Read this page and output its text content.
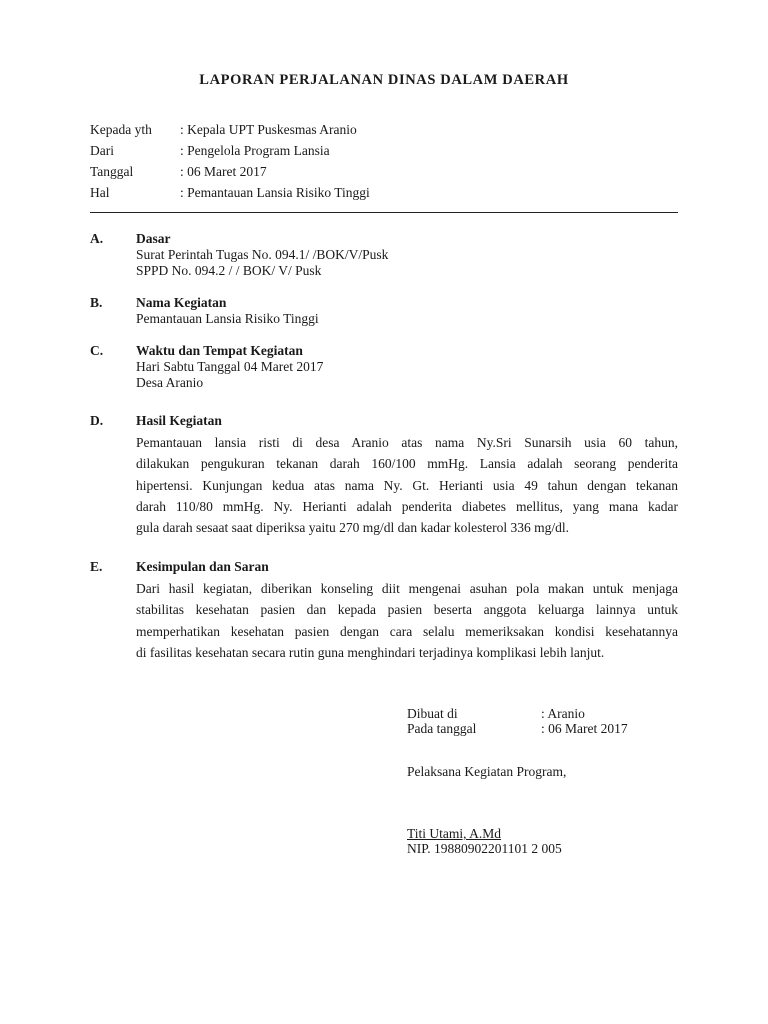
LAPORAN PERJALANAN DINAS DALAM DAERAH
Kepada yth : Kepala UPT Puskesmas Aranio
Dari	: Pengelola Program Lansia
Tanggal	: 06 Maret 2017
Hal	: Pemantauan Lansia Risiko Tinggi
A. Dasar
Surat Perintah Tugas No. 094.1/ /BOK/V/Pusk
SPPD No. 094.2 / / BOK/ V/ Pusk
B. Nama Kegiatan
Pemantauan Lansia Risiko Tinggi
C. Waktu dan Tempat Kegiatan
Hari Sabtu Tanggal 04 Maret 2017
Desa Aranio
D. Hasil Kegiatan
Pemantauan lansia risti di desa Aranio atas nama Ny.Sri Sunarsih usia 60 tahun,
dilakukan pengukuran tekanan darah 160/100 mmHg. Lansia adalah seorang penderita
hipertensi. Kunjungan kedua atas nama Ny. Gt. Herianti usia 49 tahun dengan tekanan
darah 110/80 mmHg. Ny. Herianti adalah penderita diabetes mellitus, yang mana kadar
gula darah sesaat saat diperiksa yaitu 270 mg/dl dan kadar kolesterol 336 mg/dl.
E. Kesimpulan dan Saran
Dari hasil kegiatan, diberikan konseling diit mengenai asuhan pola makan untuk menjaga
stabilitas kesehatan pasien dan kepada pasien beserta anggota keluarga lainnya untuk
memperhatikan kesehatan pasien dengan cara selalu memeriksakan kondisi kesehatannya
di fasilitas kesehatan secara rutin guna menghindari terjadinya komplikasi lebih lanjut.
Dibuat di	: Aranio
Pada tanggal	: 06 Maret 2017
Pelaksana Kegiatan Program,
Titi Utami, A.Md
NIP. 19880902201101 2 005
